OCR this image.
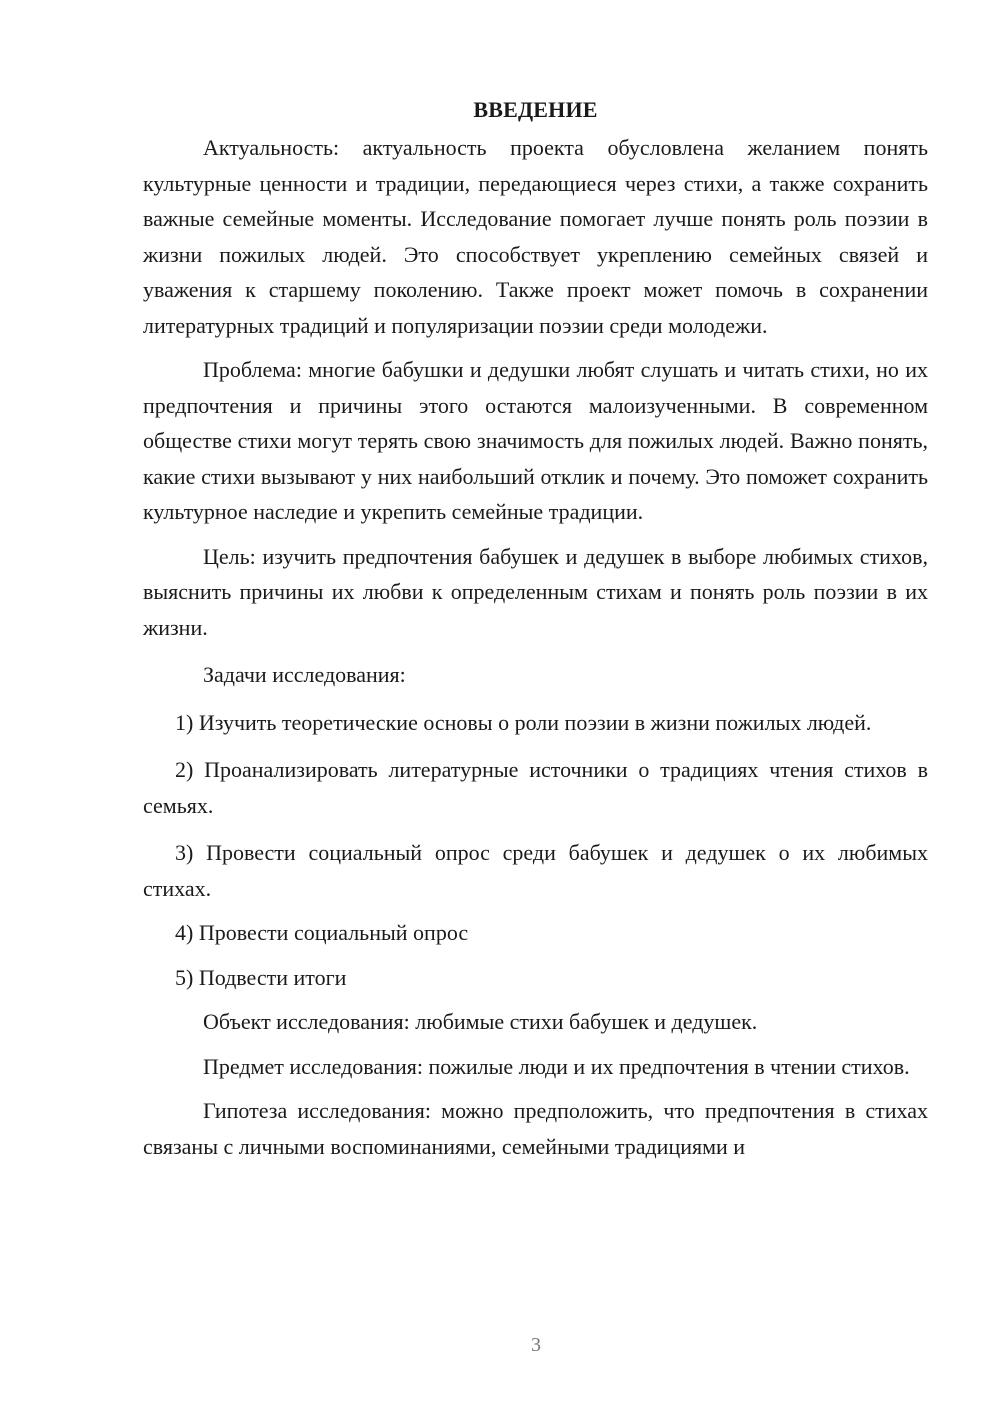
ВВЕДЕНИЕ

Актуальность: актуальность проекта обусловлена желанием понять культурные ценности и традиции, передающиеся через стихи, а также сохранить важные семейные моменты. Исследование помогает лучше понять роль поэзии в жизни пожилых людей. Это способствует укреплению семейных связей и уважения к старшему поколению. Также проект может помочь в сохранении литературных традиций и популяризации поэзии среди молодежи.

Проблема: многие бабушки и дедушки любят слушать и читать стихи, но их предпочтения и причины этого остаются малоизученными. В современном обществе стихи могут терять свою значимость для пожилых людей. Важно понять, какие стихи вызывают у них наибольший отклик и почему. Это поможет сохранить культурное наследие и укрепить семейные традиции.

Цель: изучить предпочтения бабушек и дедушек в выборе любимых стихов, выяснить причины их любви к определенным стихам и понять роль поэзии в их жизни.

Задачи исследования:

1) Изучить теоретические основы о роли поэзии в жизни пожилых людей.

2) Проанализировать литературные источники о традициях чтения стихов в семьях.

3) Провести социальный опрос среди бабушек и дедушек о их любимых стихах.

4) Провести социальный опрос

5) Подвести итоги

Объект исследования: любимые стихи бабушек и дедушек.

Предмет исследования: пожилые люди и их предпочтения в чтении стихов.

Гипотеза исследования: можно предположить, что предпочтения в стихах связаны с личными воспоминаниями, семейными традициями и

3
